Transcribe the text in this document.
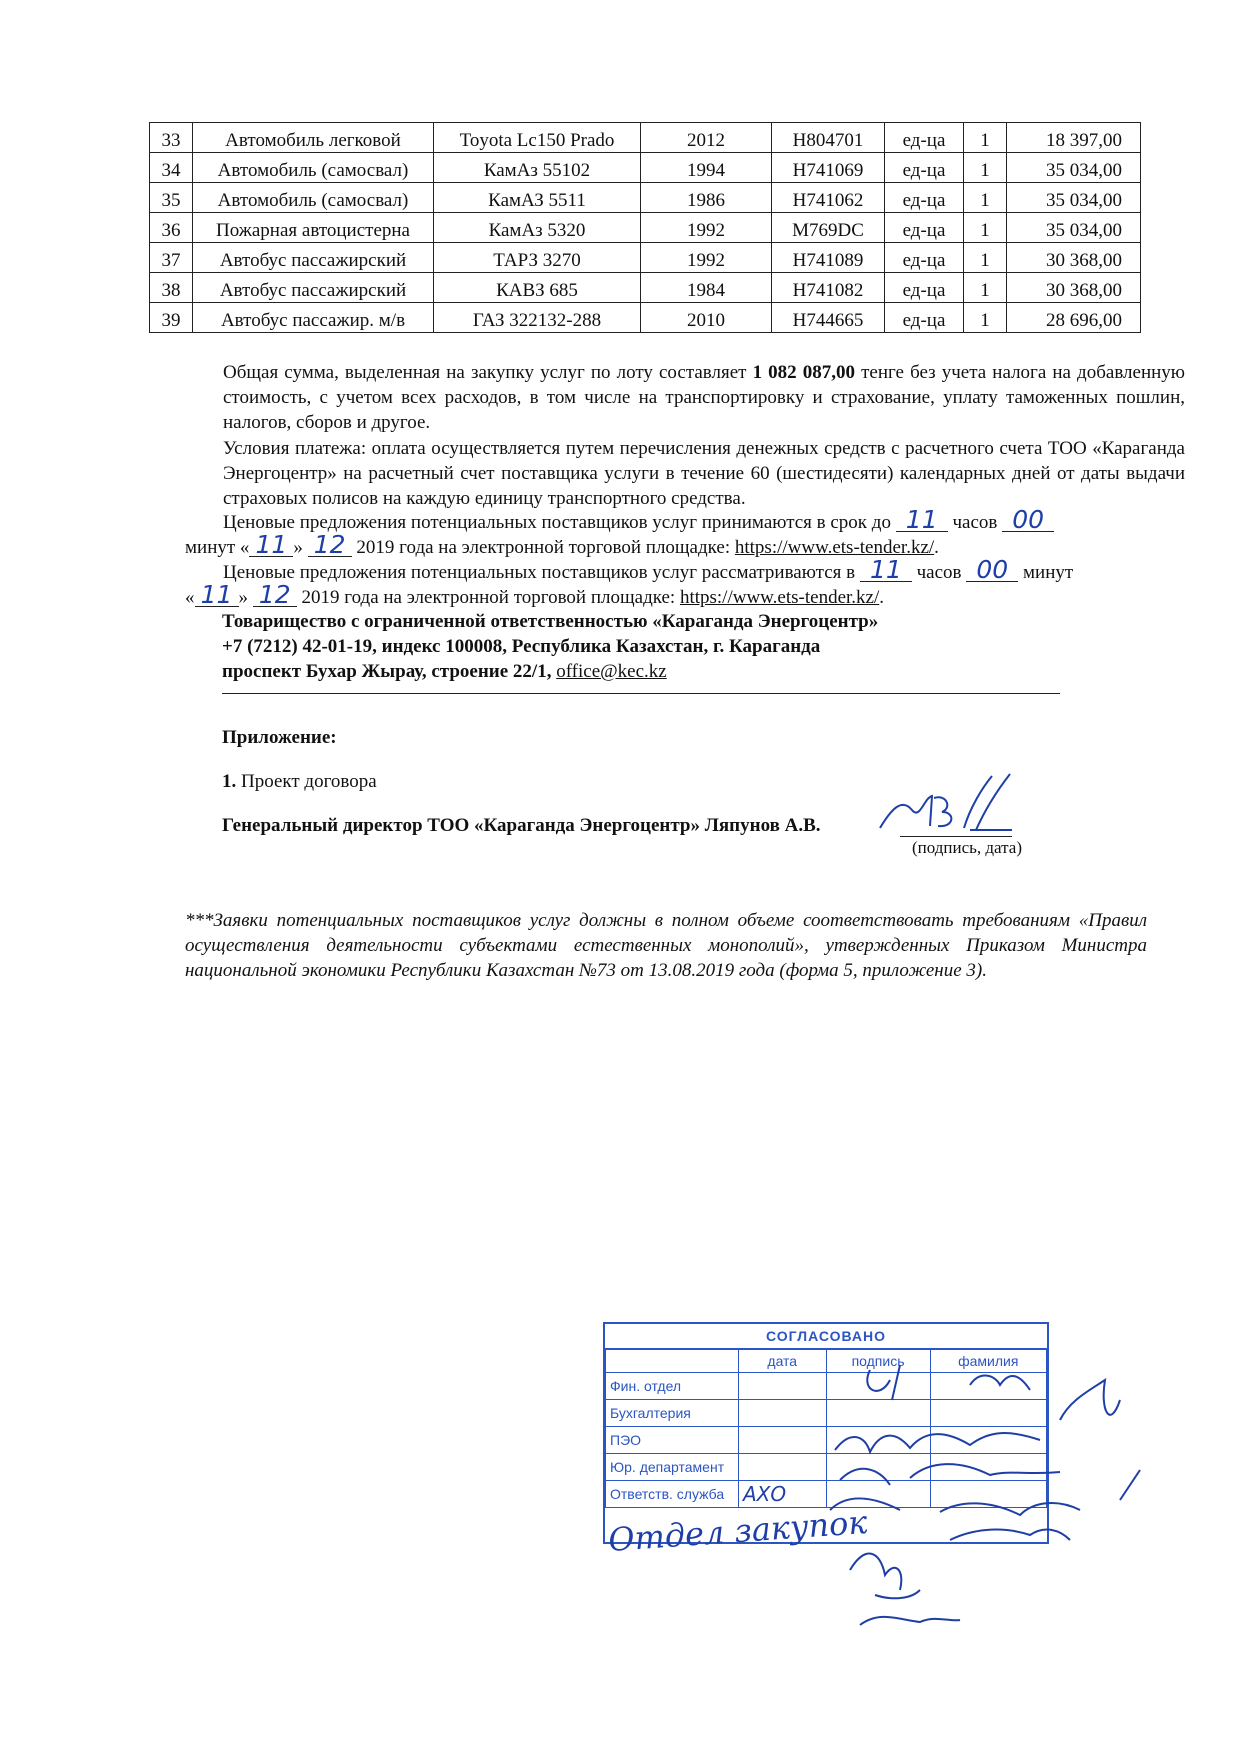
33	Автомобиль легковой	Toyota Lc150 Prado	2012	H804701	ед-ца	1	18 397,00
34	Автомобиль (самосвал)	КамАз 55102	1994	H741069	ед-ца	1	35 034,00
35	Автомобиль (самосвал)	КамАЗ 5511	1986	H741062	ед-ца	1	35 034,00
36	Пожарная автоцистерна	КамАз 5320	1992	M769DC	ед-ца	1	35 034,00
37	Автобус пассажирский	ТАРЗ 3270	1992	H741089	ед-ца	1	30 368,00
38	Автобус пассажирский	КАВЗ 685	1984	H741082	ед-ца	1	30 368,00
39	Автобус пассажир. м/в	ГАЗ 322132-288	2010	H744665	ед-ца	1	28 696,00
Общая сумма, выделенная на закупку услуг по лоту составляет 1 082 087,00 тенге без учета налога на добавленную стоимость, с учетом всех расходов, в том числе на транспортировку и страхование, уплату таможенных пошлин, налогов, сборов и другое.
Условия платежа: оплата осуществляется путем перечисления денежных средств с расчетного счета ТОО «Караганда Энергоцентр» на расчетный счет поставщика услуги в течение 60 (шестидесяти) календарных дней от даты выдачи страховых полисов на каждую единицу транспортного средства.
Ценовые предложения потенциальных поставщиков услуг принимаются в срок до 11 часов 00
минут « 11 » 12 2019 года на электронной торговой площадке: https://www.ets-tender.kz/.
Ценовые предложения потенциальных поставщиков услуг рассматриваются в 11 часов 00 минут
« 11 » 12 2019 года на электронной торговой площадке: https://www.ets-tender.kz/.
Товарищество с ограниченной ответственностью «Караганда Энергоцентр»
+7 (7212) 42-01-19, индекс 100008, Республика Казахстан, г. Караганда
проспект Бухар Жырау, строение 22/1, office@kec.kz
Приложение:
1. Проект договора
Генеральный директор ТОО «Караганда Энергоцентр» Ляпунов А.В.
(подпись, дата)
***Заявки потенциальных поставщиков услуг должны в полном объеме соответствовать требованиям «Правил осуществления деятельности субъектами естественных монополий», утвержденных Приказом Министра национальной экономики Республики Казахстан №73 от 13.08.2019 года (форма 5, приложение 3).
СОГЛАСОВАНО
	дата	подпись	фамилия
Фин. отдел			
Бухгалтерия			
ПЭО			
Юр. департамент			
Ответств. служба	АХО		
Отдел закупок
